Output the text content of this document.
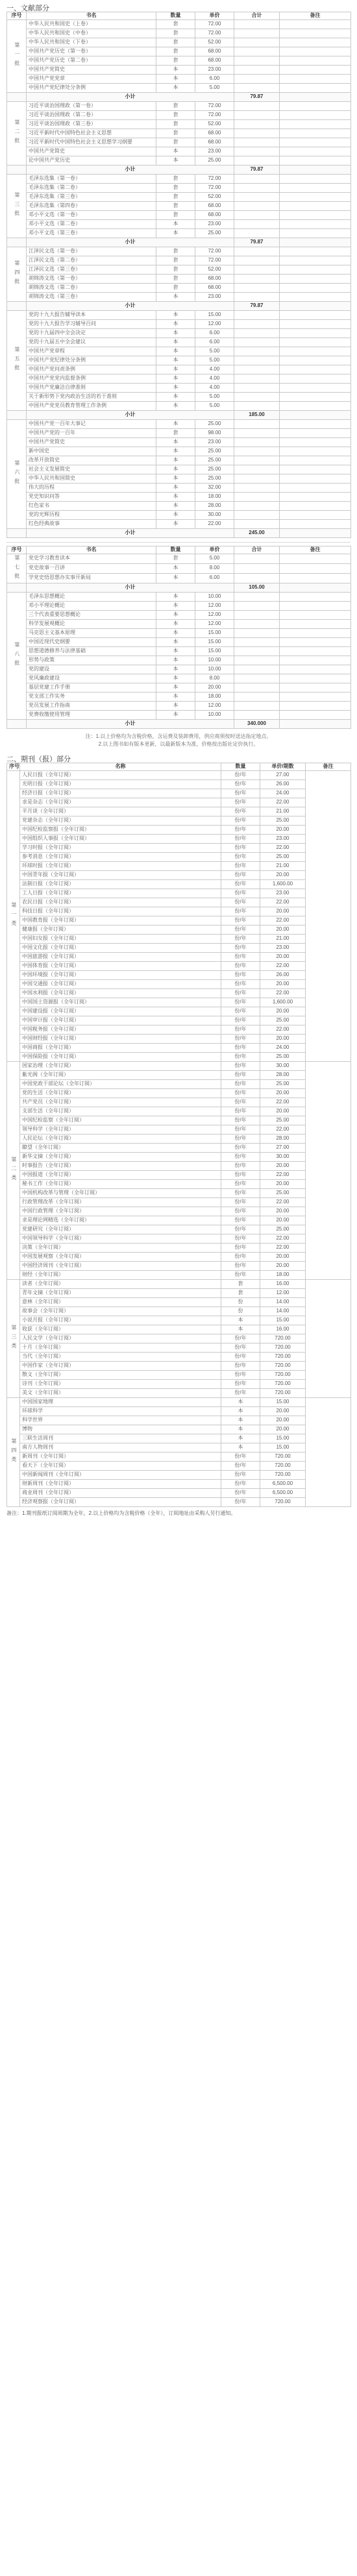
一、文献部分
序号	书名	数量	单价	合计	备注
第一批	中华人民共和国史（上卷）	套	72.00		
	中华人民共和国史（中卷）	套	72.00		
	中华人民共和国史（下卷）	套	52.00		
	中国共产党历史（第一卷）	套	68.00		
	中国共产党历史（第二卷）	套	68.00		
	中国共产党简史	本	23.00		
	中国共产党党章	本	6.00		
	中国共产党纪律处分条例	本	5.00		
	小计			79.87	
第二批	习近平谈治国理政（第一卷）	套	72.00		
	习近平谈治国理政（第二卷）	套	72.00		
	习近平谈治国理政（第三卷）	套	52.00		
	习近平新时代中国特色社会主义思想	套	68.00		
	习近平新时代中国特色社会主义思想学习纲要	套	68.00		
	中国共产党简史	本	23.00		
	论中国共产党历史	本	25.00		
	小计			79.87	
第三批	毛泽东选集（第一卷）	套	72.00		
	毛泽东选集（第二卷）	套	72.00		
	毛泽东选集（第三卷）	套	52.00		
	毛泽东选集（第四卷）	套	68.00		
	邓小平文选（第一卷）	套	68.00		
	邓小平文选（第二卷）	本	23.00		
	邓小平文选（第三卷）	本	25.00		
	小计			79.87	
第四批	江泽民文选（第一卷）	套	72.00		
	江泽民文选（第二卷）	套	72.00		
	江泽民文选（第三卷）	套	52.00		
	胡锦涛文选（第一卷）	套	68.00		
	胡锦涛文选（第二卷）	套	68.00		
	胡锦涛文选（第三卷）	本	23.00		
	小计			79.87	
第五批	党的十九大报告辅导读本	本	15.00		
	党的十九大报告学习辅导百问	本	12.00		
	党的十九届四中全会决定	本	6.00		
	党的十九届五中全会建议	本	6.00		
	中国共产党章程	本	5.00		
	中国共产党纪律处分条例	本	5.00		
	中国共产党问责条例	本	4.00		
	中国共产党党内监督条例	本	4.00		
	中国共产党廉洁自律准则	本	4.00		
	关于新形势下党内政治生活的若干准则	本	5.00		
	中国共产党党员教育管理工作条例	本	5.00		
	小计			185.00	
第六批	中国共产党一百年大事记	本	25.00		
	中国共产党的一百年	套	98.00		
	中国共产党简史	本	23.00		
	新中国史	本	25.00		
	改革开放简史	本	25.00		
	社会主义发展简史	本	25.00		
	中华人民共和国简史	本	25.00		
	伟大的历程	本	32.00		
	党史知识问答	本	18.00		
	红色家书	本	28.00		
	党的光辉历程	本	30.00		
	红色经典故事	本	22.00		
	小计			245.00	
序号	书名	数量	单价	合计	备注
第七批	党史学习教育读本	套	5.00		
	党史故事一百讲	本	8.00		
	学党史悟思想办实事开新局	本	6.00		
	小计			105.00	
第八批	毛泽东思想概论	本	10.00		
	邓小平理论概论	本	12.00		
	三个代表重要思想概论	本	12.00		
	科学发展观概论	本	12.00		
	马克思主义基本原理	本	15.00		
	中国近现代史纲要	本	15.00		
	思想道德修养与法律基础	本	15.00		
	形势与政策	本	10.00		
	党的建设	本	10.00		
	党风廉政建设	本	8.00		
	基层党建工作手册	本	20.00		
	党支部工作实务	本	18.00		
	党员发展工作指南	本	12.00		
	党费收缴使用管理	本	10.00		
	小计			340.000	
注：1.以上价格均为含税价格，含运费及装卸费用，供应商须按时送达指定地点。
2.以上图书如有版本更新，以最新版本为准，价格按出版社定价执行。
二、期刊（报）部分
序号	名称	数量	单价/期数	备注
第一类	人民日报（全年订阅）	份/年	27.00	
	光明日报（全年订阅）	份/年	26.00	
	经济日报（全年订阅）	份/年	24.00	
	求是杂志（全年订阅）	份/年	22.00	
	半月谈（全年订阅）	份/年	21.00	
	党建杂志（全年订阅）	份/年	25.00	
	中国纪检监察报（全年订阅）	份/年	20.00	
	中国组织人事报（全年订阅）	份/年	23.00	
	学习时报（全年订阅）	份/年	22.00	
	参考消息（全年订阅）	份/年	25.00	
	环球时报（全年订阅）	份/年	21.00	
	中国青年报（全年订阅）	份/年	20.00	
	法制日报（全年订阅）	份/年	1,600.00	
	工人日报（全年订阅）	份/年	23.00	
	农民日报（全年订阅）	份/年	22.00	
	科技日报（全年订阅）	份/年	20.00	
	中国教育报（全年订阅）	份/年	22.00	
	健康报（全年订阅）	份/年	20.00	
	中国妇女报（全年订阅）	份/年	21.00	
	中国文化报（全年订阅）	份/年	23.00	
	中国旅游报（全年订阅）	份/年	20.00	
	中国体育报（全年订阅）	份/年	22.00	
	中国环境报（全年订阅）	份/年	26.00	
	中国交通报（全年订阅）	份/年	20.00	
	中国水利报（全年订阅）	份/年	22.00	
	中国国土资源报（全年订阅）	份/年	1,600.00	
	中国建设报（全年订阅）	份/年	20.00	
	中国审计报（全年订阅）	份/年	25.00	
	中国税务报（全年订阅）	份/年	22.00	
	中国财经报（全年订阅）	份/年	20.00	
	中国商报（全年订阅）	份/年	24.00	
	中国保险报（全年订阅）	份/年	25.00	
第二类	国家治理（全年订阅）	份/年	30.00	
	紫光阁（全年订阅）	份/年	28.00	
	中国党政干部论坛（全年订阅）	份/年	25.00	
	党的生活（全年订阅）	份/年	20.00	
	共产党员（全年订阅）	份/年	22.00	
	支部生活（全年订阅）	份/年	20.00	
	中国纪检监察（全年订阅）	份/年	25.00	
	领导科学（全年订阅）	份/年	22.00	
	人民论坛（全年订阅）	份/年	28.00	
	瞭望（全年订阅）	份/年	27.00	
	新华文摘（全年订阅）	份/年	30.00	
	时事报告（全年订阅）	份/年	20.00	
	中国报道（全年订阅）	份/年	22.00	
	秘书工作（全年订阅）	份/年	20.00	
	中国机构改革与管理（全年订阅）	份/年	25.00	
	行政管理改革（全年订阅）	份/年	22.00	
	中国行政管理（全年订阅）	份/年	20.00	
	求是理论网精选（全年订阅）	份/年	20.00	
	党建研究（全年订阅）	份/年	25.00	
	中国领导科学（全年订阅）	份/年	22.00	
	决策（全年订阅）	份/年	22.00	
	中国发展观察（全年订阅）	份/年	20.00	
	中国经济周刊（全年订阅）	份/年	20.00	
	财经（全年订阅）	份/年	18.00	
第三类	读者（全年订阅）	套	16.00	
	青年文摘（全年订阅）	套	12.00	
	意林（全年订阅）	份	14.00	
	故事会（全年订阅）	份	14.00	
	小说月报（全年订阅）	本	15.00	
	收获（全年订阅）	本	16.00	
	人民文学（全年订阅）	份/年	720.00	
	十月（全年订阅）	份/年	720.00	
	当代（全年订阅）	份/年	720.00	
	中国作家（全年订阅）	份/年	720.00	
	散文（全年订阅）	份/年	720.00	
	诗刊（全年订阅）	份/年	720.00	
	美文（全年订阅）	份/年	720.00	
第四类	中国国家地理	本	15.00	
	环球科学	本	20.00	
	科学世界	本	20.00	
	博物	本	20.00	
	三联生活周刊	本	15.00	
	南方人物周刊	本	15.00	
	新周刊（全年订阅）	份/年	720.00	
	看天下（全年订阅）	份/年	720.00	
	中国新闻周刊（全年订阅）	份/年	720.00	
	财新周刊（全年订阅）	份/年	6,500.00	
	商业周刊（全年订阅）	份/年	6,500.00	
	经济观察报（全年订阅）	份/年	720.00	
备注：1.期刊报纸订阅周期为全年，2.以上价格均为含税价格（全年），订阅地址由采购人另行通知。
